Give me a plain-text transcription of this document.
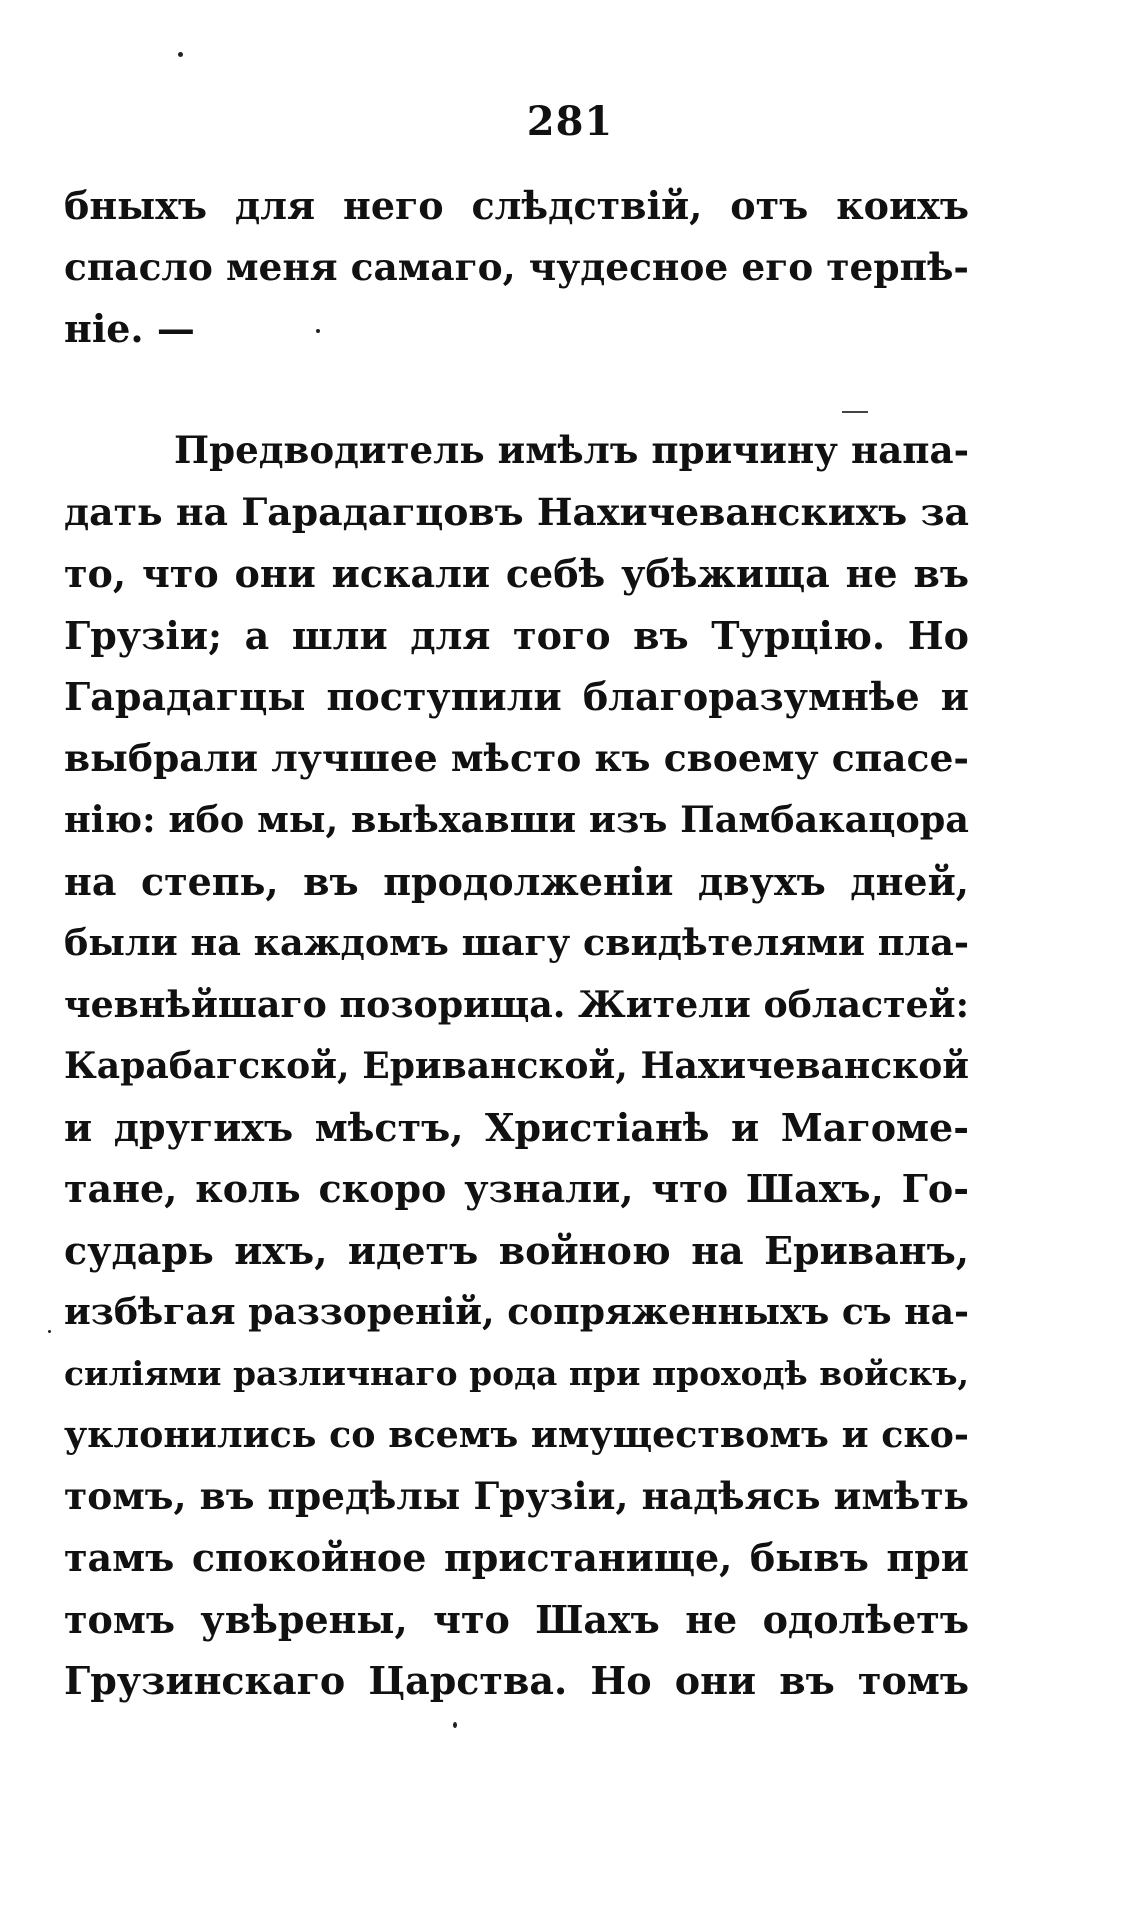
281
бныхъ для него слѣдствій, отъ коихъ
спасло меня самаго, чудесное его терпѣ-
ніе. —
Предводитель имѣлъ причину напа-
дать на Гарадагцовъ Нахичеванскихъ за
то, что они искали себѣ убѣжища не въ
Грузіи; а шли для того въ Турцію. Но
Гарадагцы поступили благоразумнѣе и
выбрали лучшее мѣсто къ своему спасе-
нію: ибо мы, выѣхавши изъ Памбакацора
на степь, въ продолженіи двухъ дней,
были на каждомъ шагу свидѣтелями пла-
чевнѣйшаго позорища. Жители областей:
Карабагской, Ериванской, Нахичеванской
и другихъ мѣстъ, Христіанѣ и Магоме-
тане, коль скоро узнали, что Шахъ, Го-
сударь ихъ, идетъ войною на Ериванъ,
избѣгая раззореній, сопряженныхъ съ на-
силіями различнаго рода при проходѣ войскъ,
уклонились со всемъ имуществомъ и ско-
томъ, въ предѣлы Грузіи, надѣясь имѣть
тамъ спокойное пристанище, бывъ при
томъ увѣрены, что Шахъ не одолѣетъ
Грузинскаго Царства. Но они въ томъ
